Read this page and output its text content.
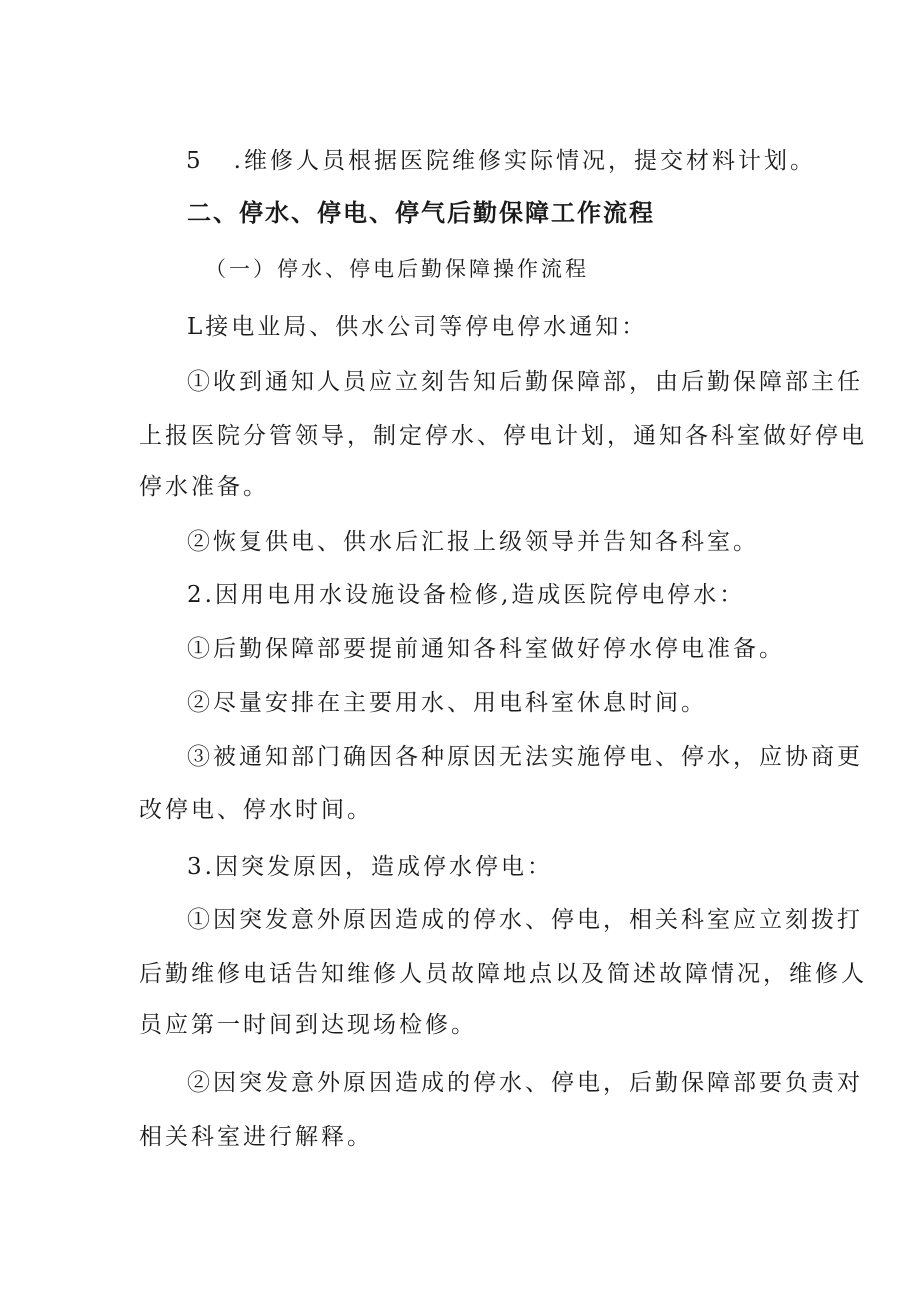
5 .维修人员根据医院维修实际情况，提交材料计划。
二、停水、停电、停气后勤保障工作流程
（一）停水、停电后勤保障操作流程
L接电业局、供水公司等停电停水通知：
①收到通知人员应立刻告知后勤保障部，由后勤保障部主任
上报医院分管领导，制定停水、停电计划，通知各科室做好停电
停水准备。
②恢复供电、供水后汇报上级领导并告知各科室。
2.因用电用水设施设备检修,造成医院停电停水：
①后勤保障部要提前通知各科室做好停水停电准备。
②尽量安排在主要用水、用电科室休息时间。
③被通知部门确因各种原因无法实施停电、停水，应协商更
改停电、停水时间。
3.因突发原因，造成停水停电：
①因突发意外原因造成的停水、停电，相关科室应立刻拨打
后勤维修电话告知维修人员故障地点以及简述故障情况，维修人
员应第一时间到达现场检修。
②因突发意外原因造成的停水、停电，后勤保障部要负责对
相关科室进行解释。
